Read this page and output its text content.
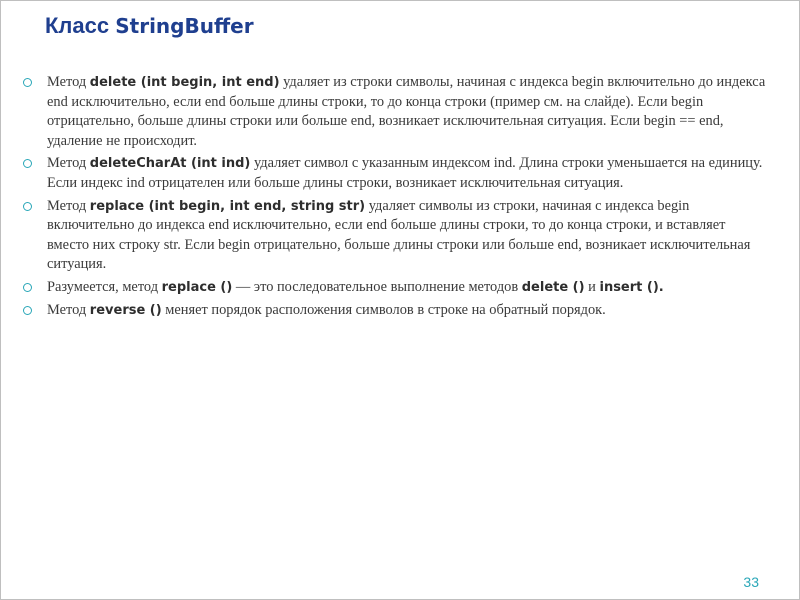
Класс StringBuffer
Метод delete (int begin, int end) удаляет из строки символы, начиная с индекса begin включительно до индекса end исключительно, если end больше длины строки, то до конца строки (пример см. на слайде). Если begin отрицательно, больше длины строки или больше end, возникает исключительная ситуация. Если begin == end, удаление не происходит.
Метод deleteCharAt (int ind) удаляет символ с указанным индексом ind. Длина строки уменьшается на единицу. Если индекс ind отрицателен или больше длины строки, возникает исключительная ситуация.
Метод replace (int begin, int end, string str) удаляет символы из строки, начиная с индекса begin включительно до индекса end исключительно, если end больше длины строки, то до конца строки, и вставляет вместо них строку str. Если begin отрицательно, больше длины строки или больше end, возникает исключительная ситуация.
Разумеется, метод replace () — это последовательное выполнение методов delete () и insert ().
Метод reverse () меняет порядок расположения символов в строке на обратный порядок.
33
